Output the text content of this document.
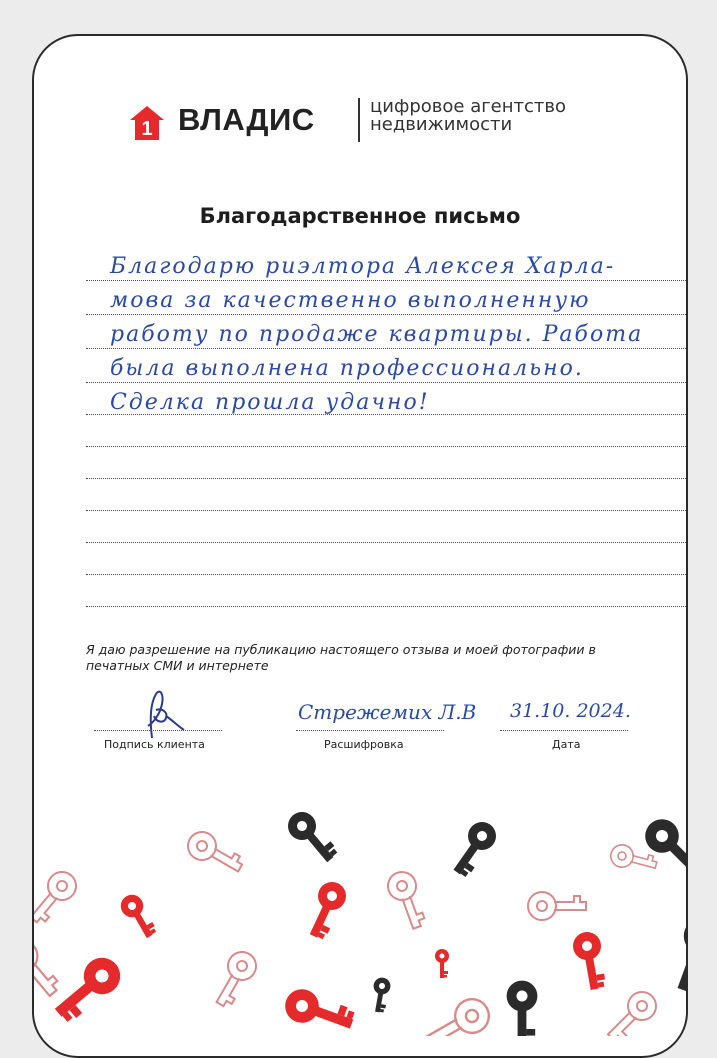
1 ВЛАДИС	цифровое агентство
недвижимости
Благодарственное письмо
Благодарю риэлтора Алексея Харла-
мова за качественно выполненную
работу по продаже квартиры. Работа
была выполнена профессионально.
Сделка прошла удачно!
Я даю разрешение на публикацию настоящего отзыва и моей фотографии в печатных СМИ и интернете
Подпись клиента
Стрежемих Л.В
Расшифровка
31.10. 2024.
Дата
